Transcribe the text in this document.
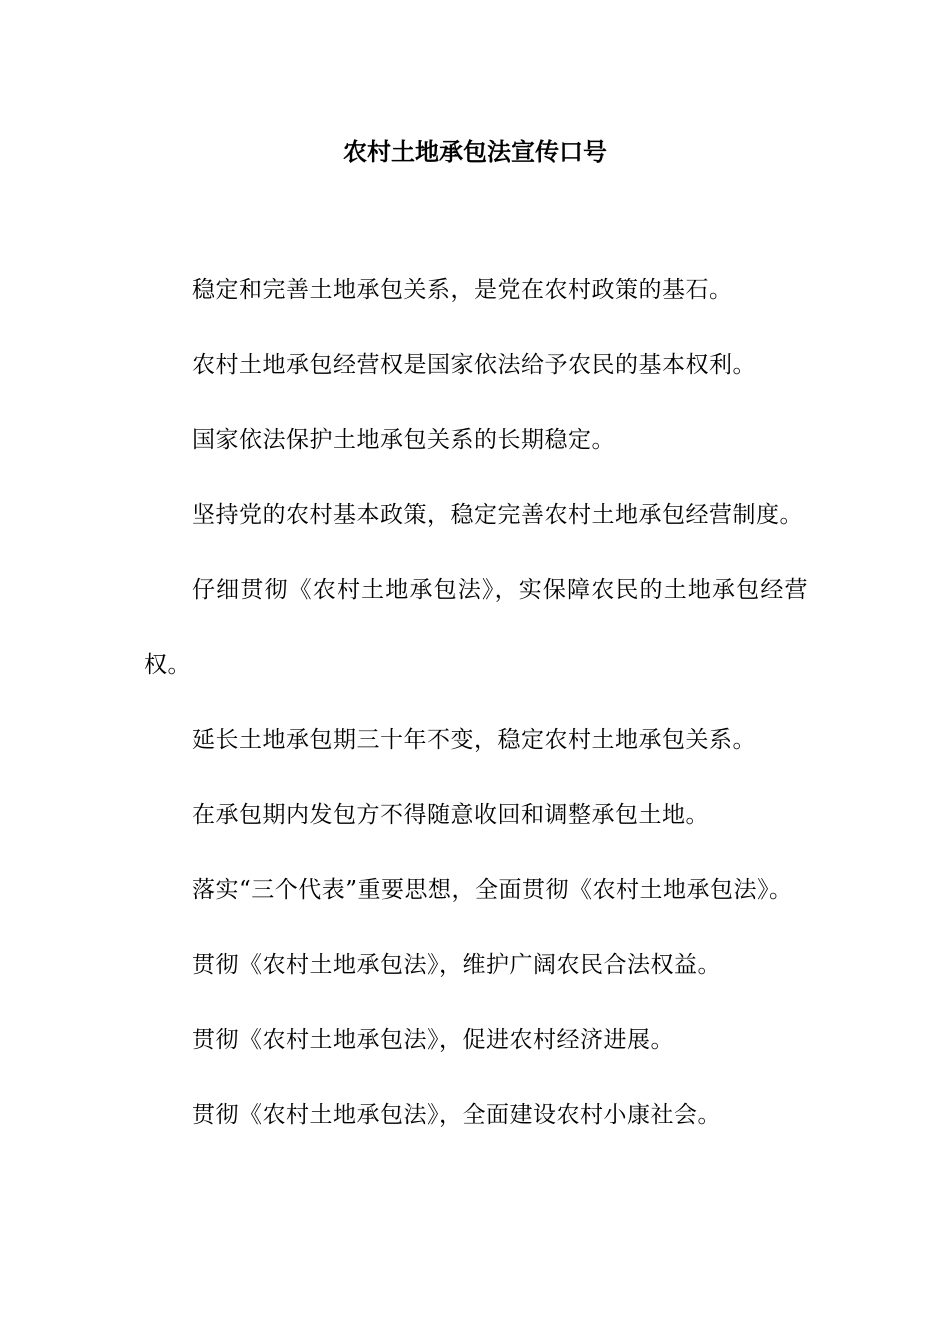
农村土地承包法宣传口号

稳定和完善土地承包关系，是党在农村政策的基石。

农村土地承包经营权是国家依法给予农民的基本权利。

国家依法保护土地承包关系的长期稳定。

坚持党的农村基本政策，稳定完善农村土地承包经营制度。

仔细贯彻《农村土地承包法》，实保障农民的土地承包经营权。

延长土地承包期三十年不变，稳定农村土地承包关系。

在承包期内发包方不得随意收回和调整承包土地。

落实“三个代表”重要思想，全面贯彻《农村土地承包法》。

贯彻《农村土地承包法》，维护广阔农民合法权益。

贯彻《农村土地承包法》，促进农村经济进展。

贯彻《农村土地承包法》，全面建设农村小康社会。
